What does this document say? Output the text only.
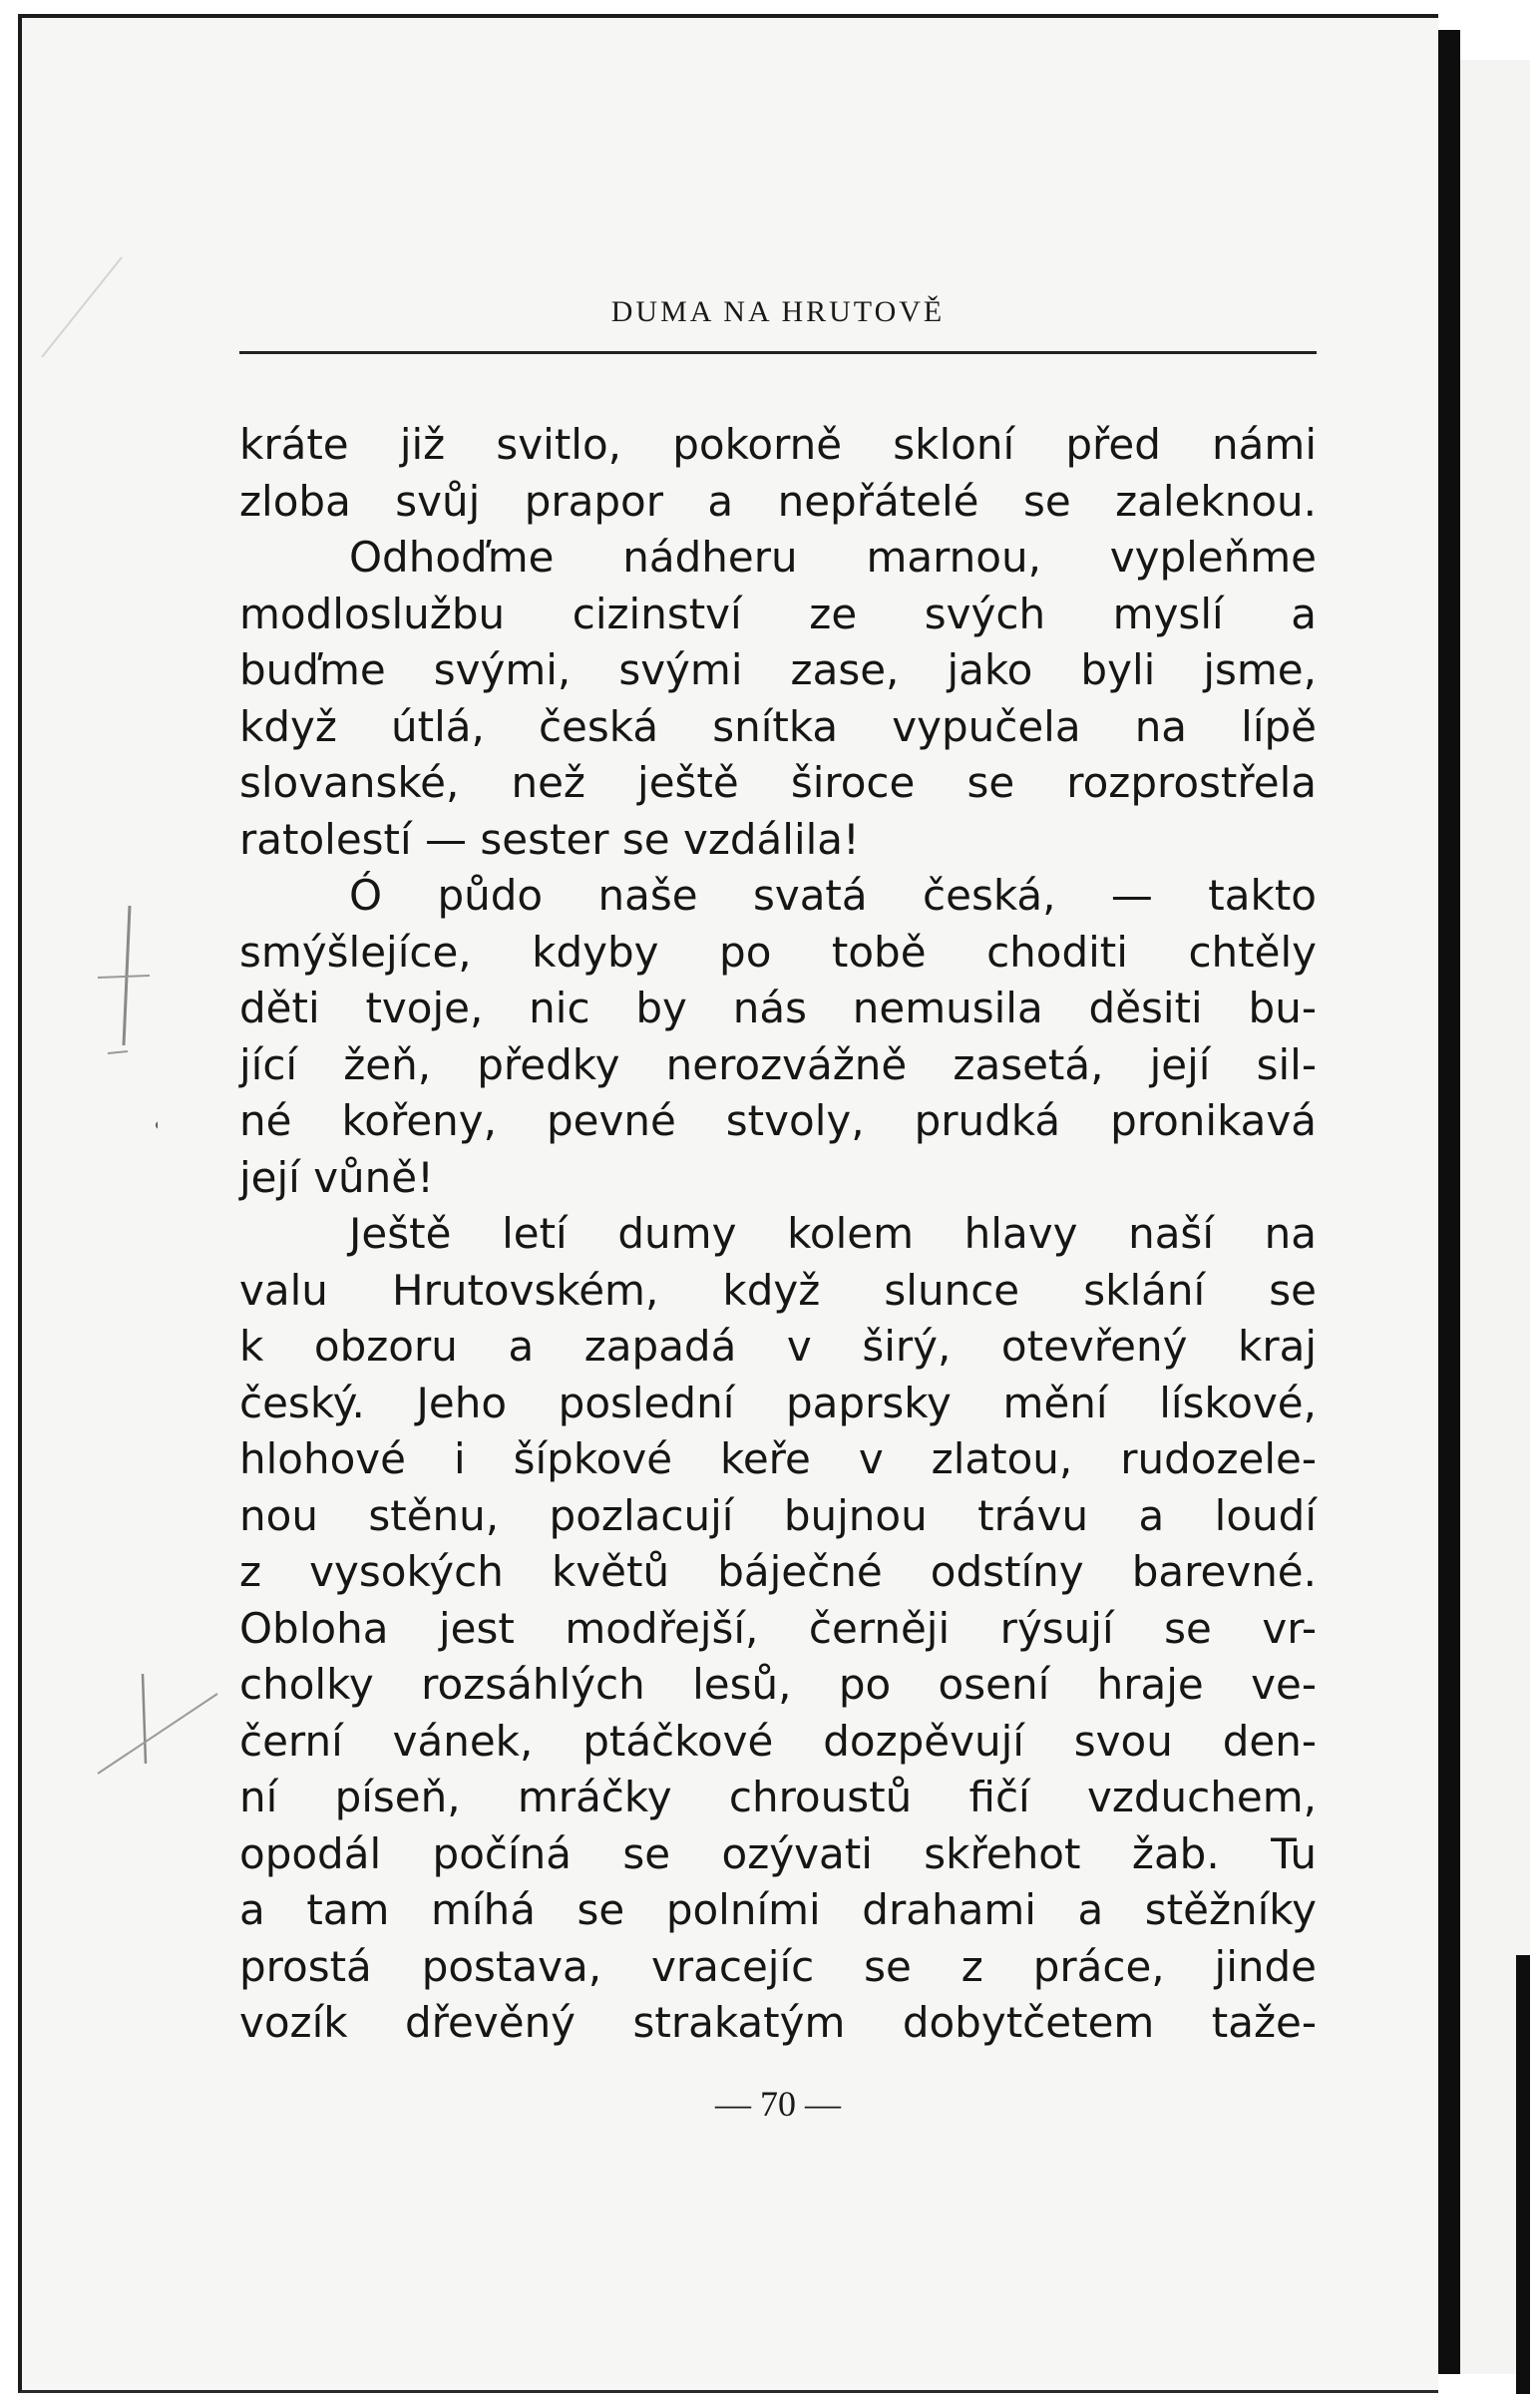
DUMA NA HRUTOVĚ
kráte již svitlo, pokorně skloní před námi
zloba svůj prapor a nepřátelé se zaleknou.
Odhoďme nádheru marnou, vypleňme
modloslužbu cizinství ze svých myslí a
buďme svými, svými zase, jako byli jsme,
když útlá, česká snítka vypučela na lípě
slovanské, než ještě široce se rozprostřela
ratolestí — sester se vzdálila!
Ó půdo naše svatá česká, — takto
smýšlejíce, kdyby po tobě choditi chtěly
děti tvoje, nic by nás nemusila děsiti bu-
jící žeň, předky nerozvážně zasetá, její sil-
né kořeny, pevné stvoly, prudká pronikavá
její vůně!
Ještě letí dumy kolem hlavy naší na
valu Hrutovském, když slunce sklání se
k obzoru a zapadá v širý, otevřený kraj
český. Jeho poslední paprsky mění lískové,
hlohové i šípkové keře v zlatou, rudozele-
nou stěnu, pozlacují bujnou trávu a loudí
z vysokých květů báječné odstíny barevné.
Obloha jest modřejší, černěji rýsují se vr-
cholky rozsáhlých lesů, po osení hraje ve-
černí vánek, ptáčkové dozpěvují svou den-
ní píseň, mráčky chroustů fičí vzduchem,
opodál počíná se ozývati skřehot žab. Tu
a tam míhá se polními drahami a stěžníky
prostá postava, vracejíc se z práce, jinde
vozík dřevěný strakatým dobytčetem taže-
— 70 —
